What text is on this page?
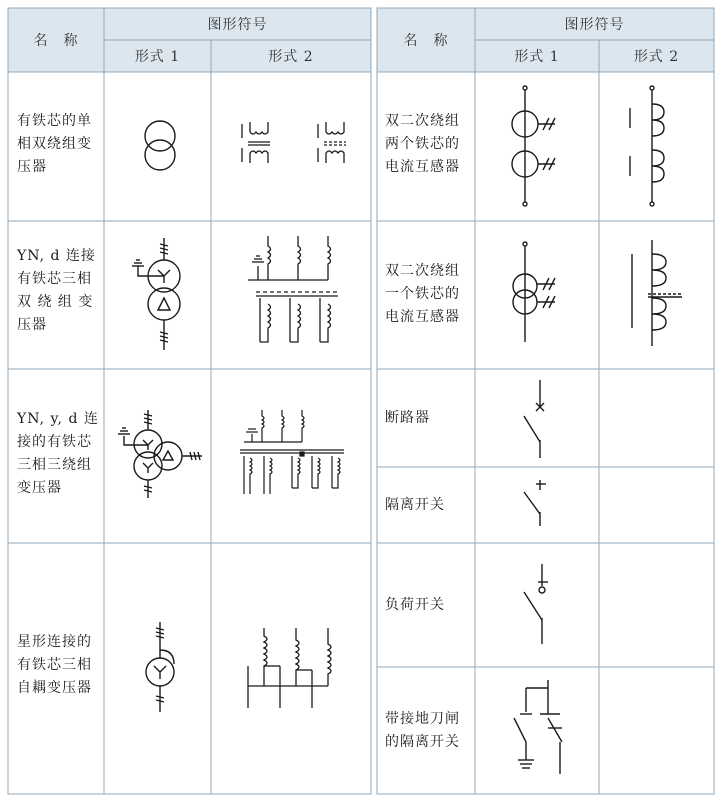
名　称
图形符号
形式 1	形式 2
名　称
图形符号
形式 1	形式 2
有铁芯的单
相双绕组变
压器
YN, d 连接
有铁芯三相
双 绕 组 变
压器
YN, y, d 连
接的有铁芯
三相三绕组
变压器
星形连接的
有铁芯三相
自耦变压器
双二次绕组
两个铁芯的
电流互感器
双二次绕组
一个铁芯的
电流互感器
断路器
隔离开关
负荷开关
带接地刀闸
的隔离开关
